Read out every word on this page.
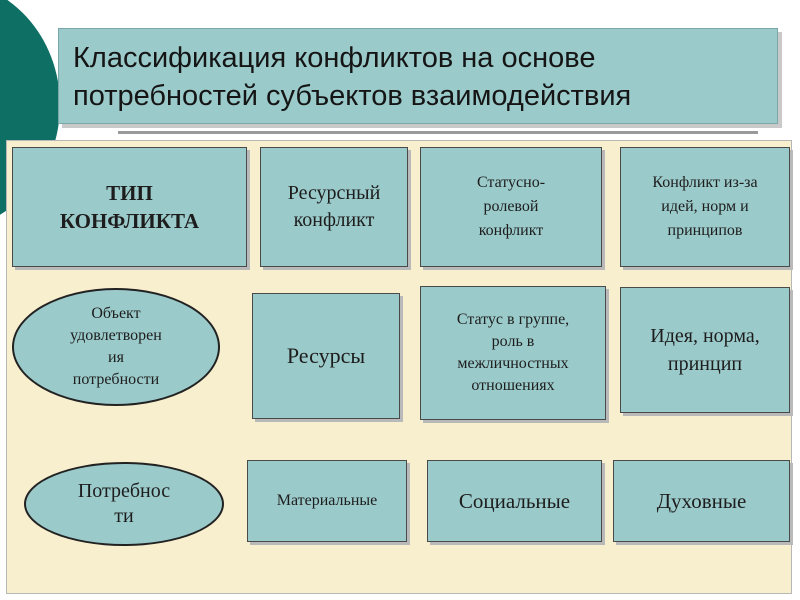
Классификация конфликтов на основе
потребностей субъектов взаимодействия
ТИП
КОНФЛИКТА
Ресурсный
конфликт
Статусно-
ролевой
конфликт
Конфликт из-за
идей, норм и
принципов
Объект
удовлетворен
ия
потребности
Ресурсы
Статус в группе,
роль в
межличностных
отношениях
Идея, норма,
принцип
Потребнос
ти
Материальные	Социальные	Духовные
